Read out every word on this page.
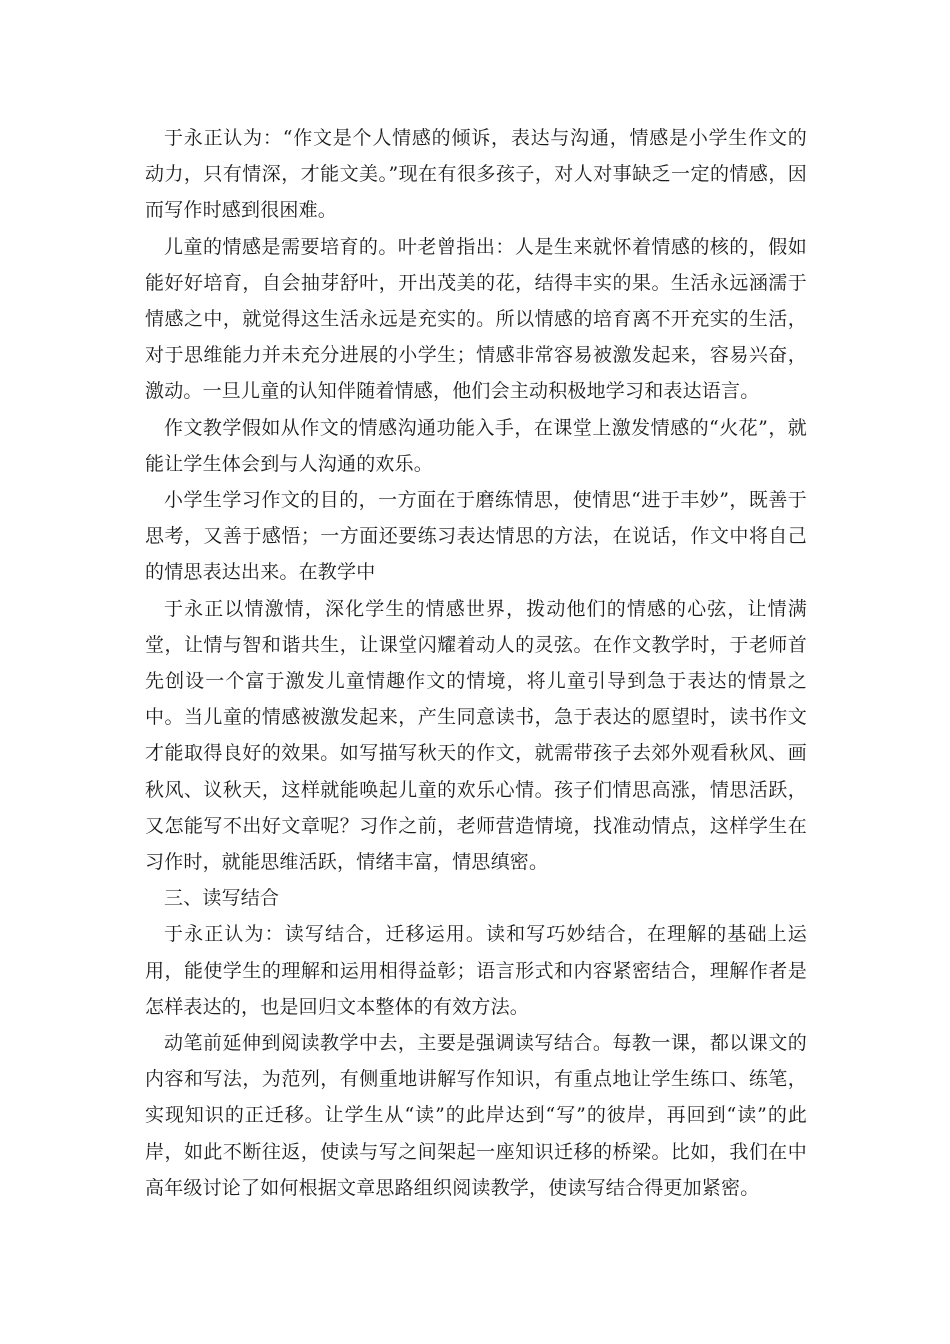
于永正认为：“作文是个人情感的倾诉，表达与沟通，情感是小学生作文的动力，只有情深，才能文美。”现在有很多孩子，对人对事缺乏一定的情感，因而写作时感到很困难。

儿童的情感是需要培育的。叶老曾指出：人是生来就怀着情感的核的，假如能好好培育，自会抽芽舒叶，开出茂美的花，结得丰实的果。生活永远涵濡于情感之中，就觉得这生活永远是充实的。所以情感的培育离不开充实的生活，对于思维能力并未充分进展的小学生；情感非常容易被激发起来，容易兴奋，激动。一旦儿童的认知伴随着情感，他们会主动积极地学习和表达语言。

作文教学假如从作文的情感沟通功能入手，在课堂上激发情感的“火花”，就能让学生体会到与人沟通的欢乐。

小学生学习作文的目的，一方面在于磨练情思，使情思“进于丰妙”，既善于思考，又善于感悟；一方面还要练习表达情思的方法，在说话，作文中将自己的情思表达出来。在教学中

于永正以情激情，深化学生的情感世界，拨动他们的情感的心弦，让情满堂，让情与智和谐共生，让课堂闪耀着动人的灵弦。在作文教学时，于老师首先创设一个富于激发儿童情趣作文的情境，将儿童引导到急于表达的情景之中。当儿童的情感被激发起来，产生同意读书，急于表达的愿望时，读书作文才能取得良好的效果。如写描写秋天的作文，就需带孩子去郊外观看秋风、画秋风、议秋天，这样就能唤起儿童的欢乐心情。孩子们情思高涨，情思活跃，又怎能写不出好文章呢？习作之前，老师营造情境，找准动情点，这样学生在习作时，就能思维活跃，情绪丰富，情思缜密。

三、读写结合

于永正认为：读写结合，迁移运用。读和写巧妙结合，在理解的基础上运用，能使学生的理解和运用相得益彰；语言形式和内容紧密结合，理解作者是怎样表达的，也是回归文本整体的有效方法。

动笔前延伸到阅读教学中去，主要是强调读写结合。每教一课，都以课文的内容和写法，为范列，有侧重地讲解写作知识，有重点地让学生练口、练笔，实现知识的正迁移。让学生从“读”的此岸达到“写”的彼岸，再回到“读”的此岸，如此不断往返，使读与写之间架起一座知识迁移的桥梁。比如，我们在中高年级讨论了如何根据文章思路组织阅读教学，使读写结合得更加紧密。
